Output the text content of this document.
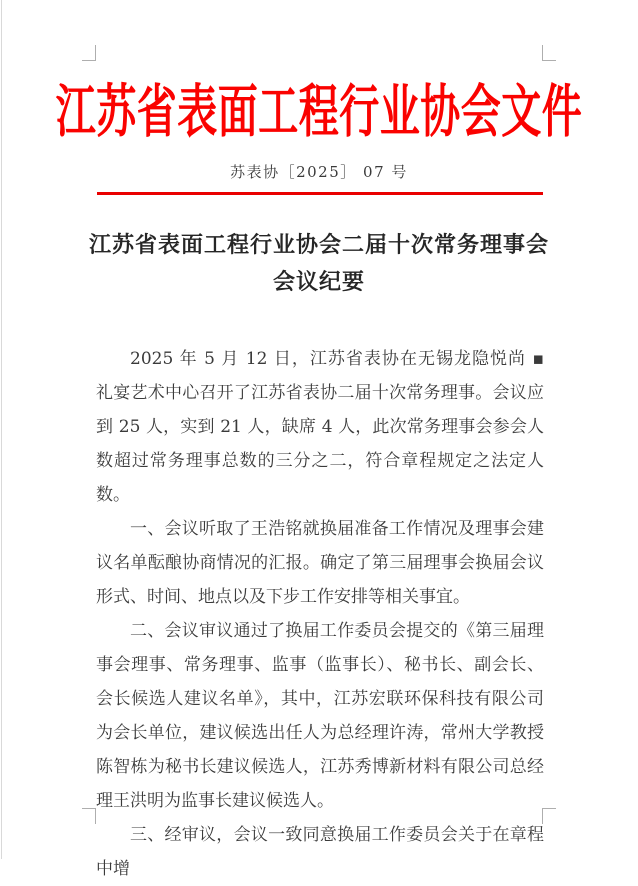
江苏省表面工程行业协会文件
苏表协［2025］ 07 号
江苏省表面工程行业协会二届十次常务理事会
会议纪要

2025 年 5 月 12 日，江苏省表协在无锡龙隐悦尚 ▪ 礼宴艺术中心召开了江苏省表协二届十次常务理事。会议应到 25 人，实到 21 人，缺席 4 人，此次常务理事会参会人数超过常务理事总数的三分之二，符合章程规定之法定人数。

一、会议听取了王浩铭就换届准备工作情况及理事会建议名单酝酿协商情况的汇报。确定了第三届理事会换届会议形式、时间、地点以及下步工作安排等相关事宜。

二、会议审议通过了换届工作委员会提交的《第三届理事会理事、常务理事、监事（监事长）、秘书长、副会长、会长候选人建议名单》，其中，江苏宏联环保科技有限公司为会长单位，建议候选出任人为总经理许涛，常州大学教授陈智栋为秘书长建议候选人，江苏秀博新材料有限公司总经理王洪明为监事长建议候选人。

三、经审议，会议一致同意换届工作委员会关于在章程中增
